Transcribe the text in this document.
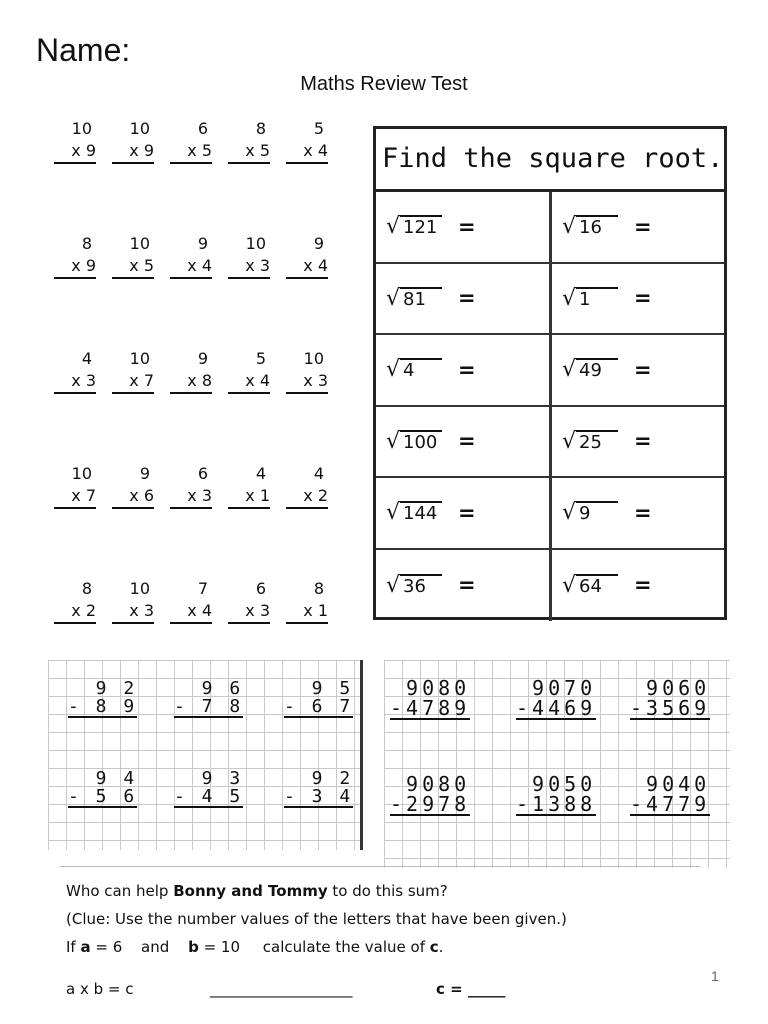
Name:
Maths Review Test
10
x 9
10
x 9
6
x 5
8
x 5
5
x 4
8
x 9
10
x 5
9
x 4
10
x 3
9
x 4
4
x 3
10
x 7
9
x 8
5
x 4
10
x 3
10
x 7
9
x 6
6
x 3
4
x 1
4
x 2
8
x 2
10
x 3
7
x 4
6
x 3
8
x 1
Find the square root.
√ 121 =	√ 16	=
√ 81	=	√ 1	=
√ 4	=	√ 49	=
√ 100 =	√ 25	=
√ 144 =	√ 9	=
√ 36	=	√ 64	=
9 2
- 8 9
9 6
- 7 8
9 5
- 6 7
9 4
- 5 6
9 3
- 4 5
9 2
- 3 4
9080
-4789
9070
-4469
9060
-3569
9080
-2978
9050
-1388
9040
-4779
Who can help Bonny and Tommy to do this sum?
(Clue: Use the number values of the letters that have been given.)
If a = 6 and b = 10 calculate the value of c.
a x b = c	___________________	c = _____
1
